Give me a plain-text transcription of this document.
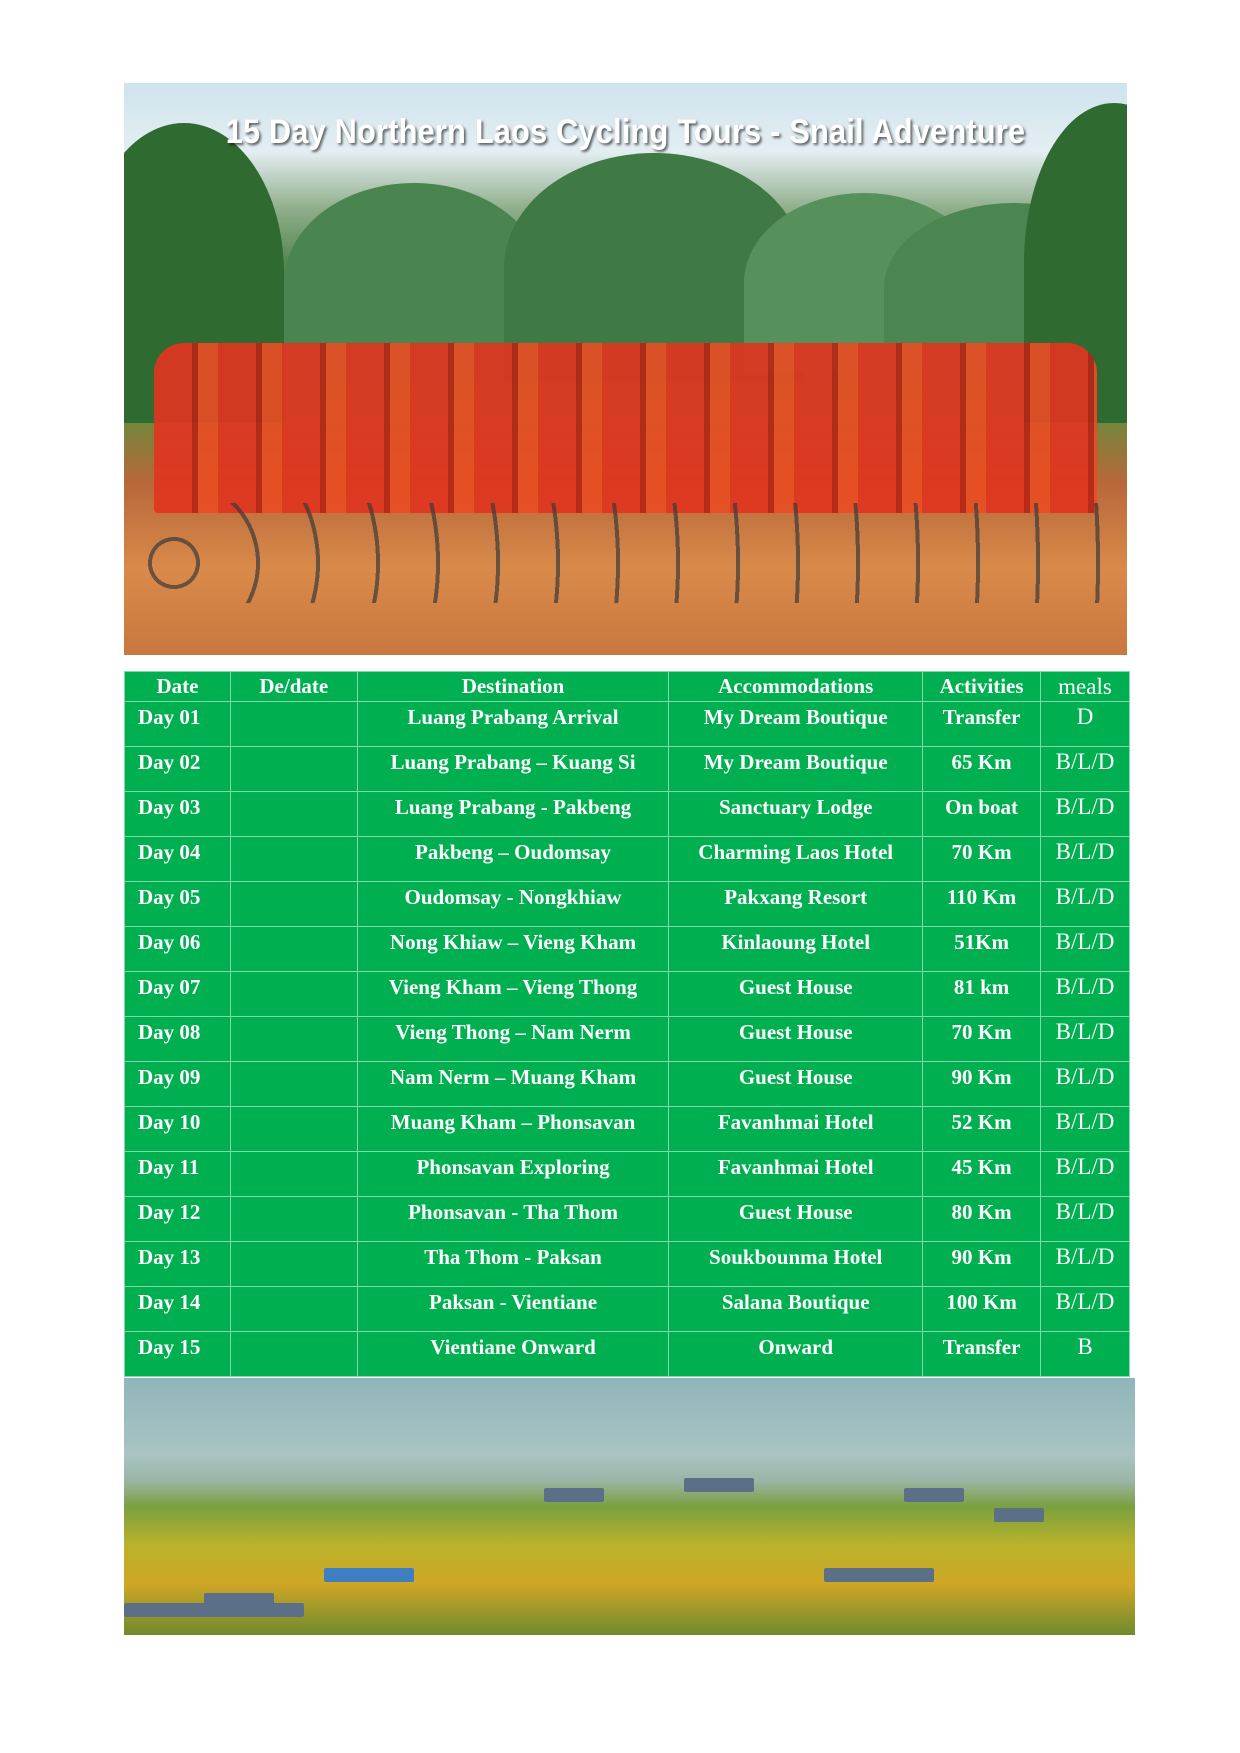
15 Day Northern Laos Cycling Tours - Snail Adventure
Date	De/date	Destination	Accommodations	Activities	meals
Day 01		Luang Prabang Arrival	My Dream Boutique	Transfer	D
Day 02		Luang Prabang – Kuang Si	My Dream Boutique	65 Km	B/L/D
Day 03		Luang Prabang - Pakbeng	Sanctuary Lodge	On boat	B/L/D
Day 04		Pakbeng – Oudomsay	Charming Laos Hotel	70 Km	B/L/D
Day 05		Oudomsay - Nongkhiaw	Pakxang Resort	110 Km	B/L/D
Day 06		Nong Khiaw – Vieng Kham	Kinlaoung Hotel	51Km	B/L/D
Day 07		Vieng Kham – Vieng Thong	Guest House	81 km	B/L/D
Day 08		Vieng Thong – Nam Nerm	Guest House	70 Km	B/L/D
Day 09		Nam Nerm – Muang Kham	Guest House	90 Km	B/L/D
Day 10		Muang Kham – Phonsavan	Favanhmai Hotel	52 Km	B/L/D
Day 11		Phonsavan Exploring	Favanhmai Hotel	45 Km	B/L/D
Day 12		Phonsavan - Tha Thom	Guest House	80 Km	B/L/D
Day 13		Tha Thom - Paksan	Soukbounma Hotel	90 Km	B/L/D
Day 14		Paksan - Vientiane	Salana Boutique	100 Km	B/L/D
Day 15		Vientiane Onward	Onward	Transfer	B
